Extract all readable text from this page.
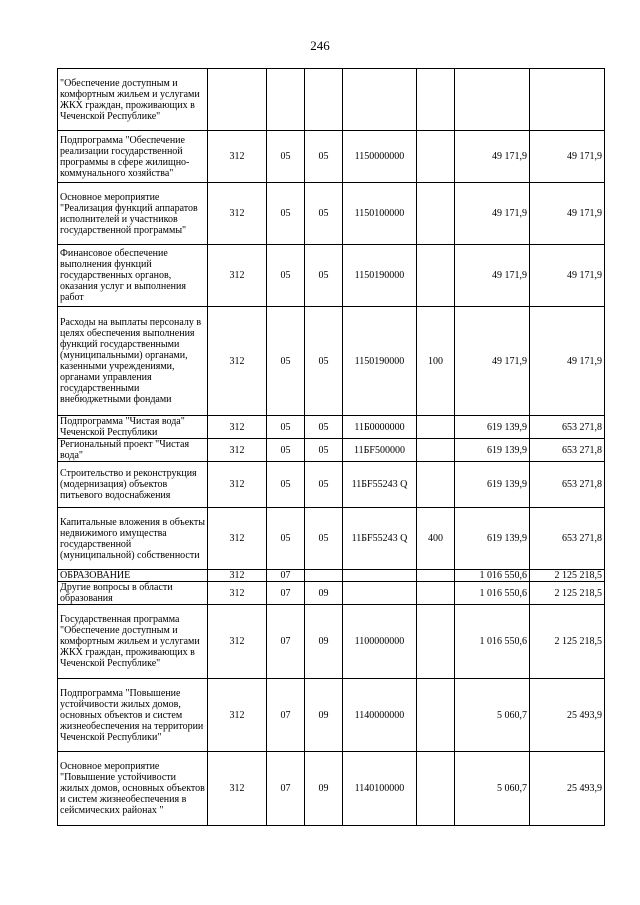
246
"Обеспечение доступным и комфортным жильем и услугами ЖКХ граждан, проживающих в Чеченской Республике"							
Подпрограмма "Обеспечение реализации государственной программы в сфере жилищно-коммунального хозяйства"	312	05	05	1150000000		49 171,9	49 171,9
Основное мероприятие "Реализация функций аппаратов исполнителей и участников государственной программы"	312	05	05	1150100000		49 171,9	49 171,9
Финансовое обеспечение выполнения функций государственных органов, оказания услуг и выполнения работ	312	05	05	1150190000		49 171,9	49 171,9
Расходы на выплаты персоналу в целях обеспечения выполнения функций государственными (муниципальными) органами, казенными учреждениями, органами управления государственными внебюджетными фондами	312	05	05	1150190000	100	49 171,9	49 171,9
Подпрограмма "Чистая вода" Чеченской Республики	312	05	05	11Б0000000		619 139,9	653 271,8
Региональный проект "Чистая вода"	312	05	05	11БF500000		619 139,9	653 271,8
Строительство и реконструкция (модернизация) объектов питьевого водоснабжения	312	05	05	11БF55243 Q		619 139,9	653 271,8
Капитальные вложения в объекты недвижимого имущества государственной (муниципальной) собственности	312	05	05	11БF55243 Q	400	619 139,9	653 271,8
ОБРАЗОВАНИЕ	312	07				1 016 550,6	2 125 218,5
Другие вопросы в области образования	312	07	09			1 016 550,6	2 125 218,5
Государственная программа "Обеспечение доступным и комфортным жильем и услугами ЖКХ граждан, проживающих в Чеченской Республике"	312	07	09	1100000000		1 016 550,6	2 125 218,5
Подпрограмма "Повышение устойчивости жилых домов, основных объектов и систем жизнеобеспечения на территории Чеченской Республики"	312	07	09	1140000000		5 060,7	25 493,9
Основное мероприятие "Повышение устойчивости жилых домов, основных объектов и систем жизнеобеспечения в сейсмических районах "	312	07	09	1140100000		5 060,7	25 493,9
